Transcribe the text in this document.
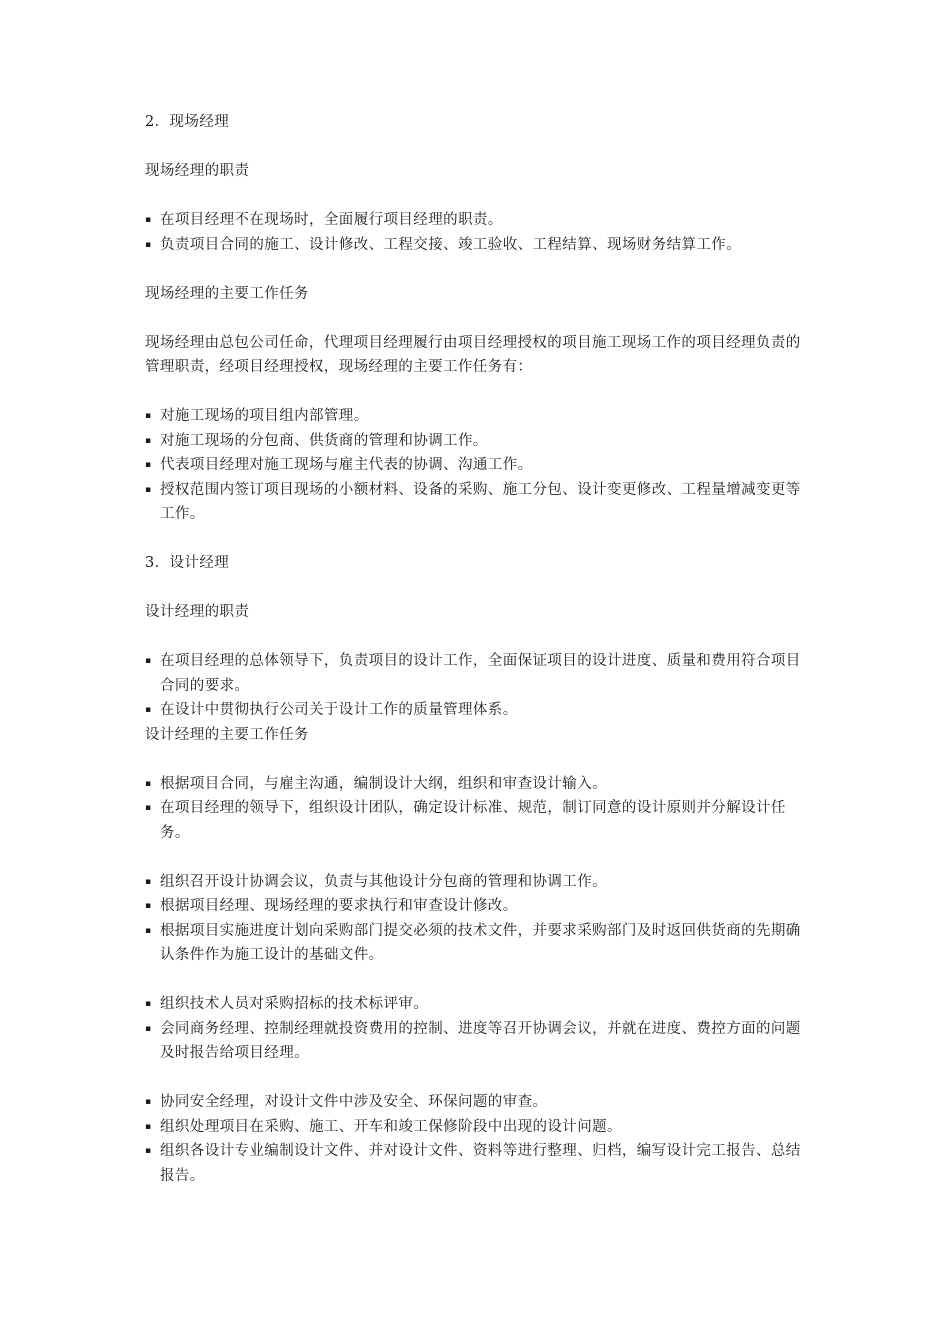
2．现场经理

现场经理的职责

▪ 在项目经理不在现场时，全面履行项目经理的职责。
▪ 负责项目合同的施工、设计修改、工程交接、竣工验收、工程结算、现场财务结算工作。

现场经理的主要工作任务

现场经理由总包公司任命，代理项目经理履行由项目经理授权的项目施工现场工作的项目经理负责的管理职责，经项目经理授权，现场经理的主要工作任务有：

▪ 对施工现场的项目组内部管理。
▪ 对施工现场的分包商、供货商的管理和协调工作。
▪ 代表项目经理对施工现场与雇主代表的协调、沟通工作。
▪ 授权范围内签订项目现场的小额材料、设备的采购、施工分包、设计变更修改、工程量增减变更等工作。

3．设计经理

设计经理的职责

▪ 在项目经理的总体领导下，负责项目的设计工作，全面保证项目的设计进度、质量和费用符合项目合同的要求。
▪ 在设计中贯彻执行公司关于设计工作的质量管理体系。

设计经理的主要工作任务

▪ 根据项目合同，与雇主沟通，编制设计大纲，组织和审查设计输入。
▪ 在项目经理的领导下，组织设计团队，确定设计标准、规范，制订同意的设计原则并分解设计任务。
▪ 组织召开设计协调会议，负责与其他设计分包商的管理和协调工作。
▪ 根据项目经理、现场经理的要求执行和审查设计修改。
▪ 根据项目实施进度计划向采购部门提交必须的技术文件，并要求采购部门及时返回供货商的先期确认条件作为施工设计的基础文件。
▪ 组织技术人员对采购招标的技术标评审。
▪ 会同商务经理、控制经理就投资费用的控制、进度等召开协调会议，并就在进度、费控方面的问题及时报告给项目经理。
▪ 协同安全经理，对设计文件中涉及安全、环保问题的审查。
▪ 组织处理项目在采购、施工、开车和竣工保修阶段中出现的设计问题。
▪ 组织各设计专业编制设计文件、并对设计文件、资料等进行整理、归档，编写设计完工报告、总结报告。
